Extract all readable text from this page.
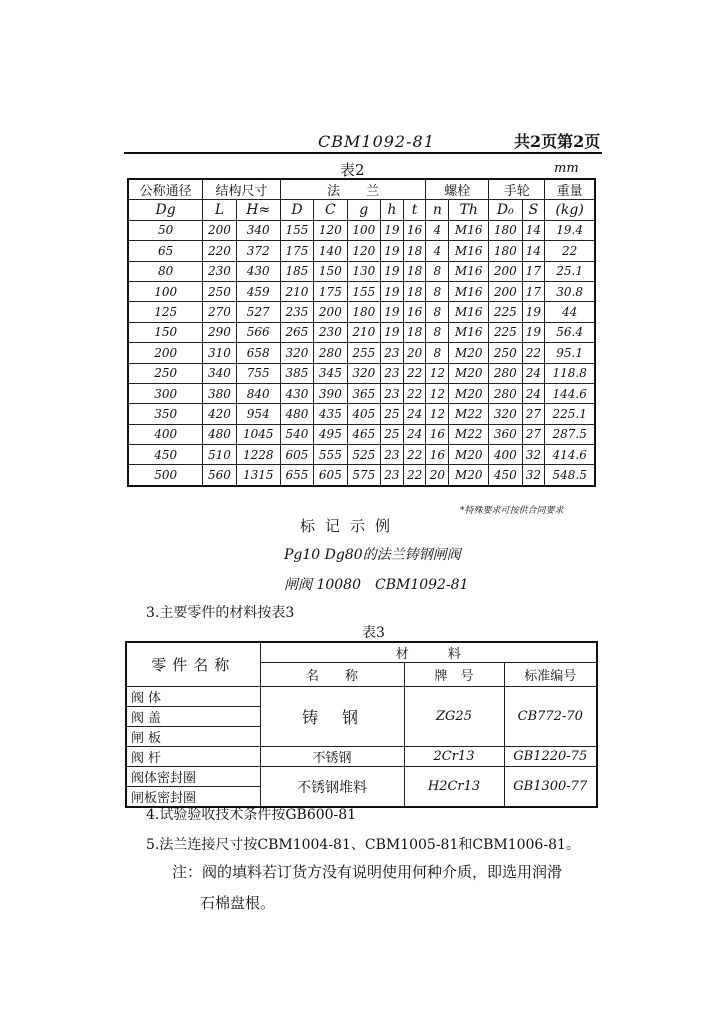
CBM1092-81	共2页第2页
表2	mm
公称通径	结构尺寸		法　　兰					螺栓		手轮		重量
Dg	L	H≈	D	C	g	h	t	n	Th	D₀	S	(kg)
50	200	340	155	120	100	19	16	4	M16	180	14	19.4
65	220	372	175	140	120	19	18	4	M16	180	14	22
80	230	430	185	150	130	19	18	8	M16	200	17	25.1
100	250	459	210	175	155	19	18	8	M16	200	17	30.8
125	270	527	235	200	180	19	16	8	M16	225	19	44
150	290	566	265	230	210	19	18	8	M16	225	19	56.4
200	310	658	320	280	255	23	20	8	M20	250	22	95.1
250	340	755	385	345	320	23	22	12	M20	280	24	118.8
300	380	840	430	390	365	23	22	12	M20	280	24	144.6
350	420	954	480	435	405	25	24	12	M22	320	27	225.1
400	480	1045	540	495	465	25	24	16	M22	360	27	287.5
450	510	1228	605	555	525	23	22	16	M20	400	32	414.6
500	560	1315	655	605	575	23	22	20	M20	450	32	548.5
*特殊要求可按供合同要求
标记示例
Pg10 Dg80的法兰铸钢闸阀
闸阀 10080　CBM1092-81
3.主要零件的材料按表3
表3
零件名称	材　　　料		
	名　　称	牌　号	标准编号
阀体	铸　钢	ZG25	CB772-70
阀盖			
闸板			
阀杆	不锈钢	2Cr13	GB1220-75
阀体密封圈	不锈钢堆料	H2Cr13	GB1300-77
闸板密封圈			
4.试验验收技术条件按GB600-81
5.法兰连接尺寸按CBM1004-81、CBM1005-81和CBM1006-81。
注：阀的填料若订货方没有说明使用何种介质，即选用润滑
石棉盘根。
